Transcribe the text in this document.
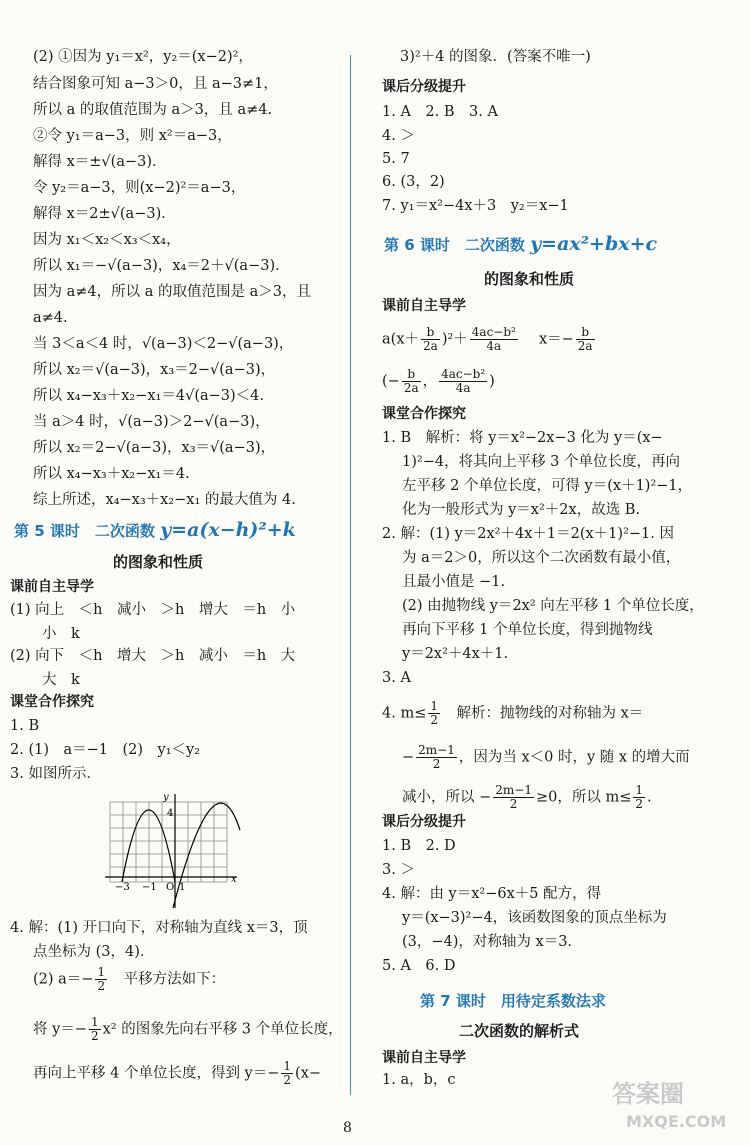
(2) ①因为 y₁＝x²，y₂＝(x−2)²，
结合图象可知 a−3＞0，且 a−3≠1，
所以 a 的取值范围为 a＞3，且 a≠4.
②令 y₁＝a−3，则 x²＝a−3，
解得 x＝±√(a−3)．
令 y₂＝a−3，则(x−2)²＝a−3，
解得 x＝2±√(a−3)．
因为 x₁＜x₂＜x₃＜x₄，
所以 x₁＝−√(a−3)，x₄＝2＋√(a−3)．
因为 a≠4，所以 a 的取值范围是 a＞3，且
a≠4.
当 3＜a＜4 时，√(a−3)＜2−√(a−3)，
所以 x₂＝√(a−3)，x₃＝2−√(a−3)，
所以 x₄−x₃＋x₂−x₁＝4√(a−3)＜4.
当 a＞4 时，√(a−3)＞2−√(a−3)，
所以 x₂＝2−√(a−3)，x₃＝√(a−3)，
所以 x₄−x₃＋x₂−x₁＝4.
综上所述，x₄−x₃＋x₂−x₁ 的最大值为 4.
第 5 课时　二次函数 y=a(x−h)²+k
的图象和性质
课前自主导学
(1) 向上　＜h　减小　＞h　增大　＝h　小
小　k
(2) 向下　＜h　增大　＞h　减小　＝h　大
大　k
课堂合作探究
1. B
2. (1)　a＝−1　(2)　y₁＜y₂
3. 如图所示．
x
y
−3 −1 O 1
4
4. 解：(1) 开口向下，对称轴为直线 x＝3，顶
点坐标为 (3，4)．
(2) $a=- \frac{1}{2}$ 　平移方法如下：
将 $y=- \frac{1}{2} x^2$ 的图象先向右平移 3 个单位长度，
再向上平移 4 个单位长度，得到 $y=- \frac{1}{2} (x-$
3)²＋4 的图象．(答案不唯一)
课后分级提升
1. A　2. B　3. A
4. ＞
5. 7
6. (3，2)
7. y₁＝x²−4x＋3　y₂＝x−1
第 6 课时　二次函数 y=ax²+bx+c
的图象和性质
课前自主导学
$a(x+ \frac{b}{2a} )^2+ \frac{\text{4ac−b²}}{4a}$
　 $x=- \frac{b}{2a}$
(− $\frac{b}{2a}$ ， $\frac{\text{4ac−b²}}{4a}$ )
课堂合作探究
1. B　解析：将 y＝x²−2x−3 化为 y＝(x−
1)²−4，将其向上平移 3 个单位长度，再向
左平移 2 个单位长度，可得 y＝(x＋1)²−1，
化为一般形式为 y＝x²＋2x，故选 B.
2. 解：(1) y＝2x²＋4x＋1＝2(x＋1)²−1. 因
为 a＝2＞0，所以这个二次函数有最小值，
且最小值是 −1.
(2) 由抛物线 y＝2x² 向左平移 1 个单位长度，
再向下平移 1 个单位长度，得到抛物线
y＝2x²＋4x＋1.
3. A
4. $m\le \frac{1}{2}$ 　解析：抛物线的对称轴为 x＝
− $\frac{2m-1}{2}$ ，因为当 x＜0 时，y 随 x 的增大而
减小，所以 − $\frac{2m-1}{2} \ge 0$，所以 $m\le \frac{1}{2}$ .
课后分级提升
1. B　2. D
3. ＞
4. 解：由 y＝x²−6x＋5 配方，得
y＝(x−3)²−4，该函数图象的顶点坐标为
(3，−4)，对称轴为 x＝3.
5. A　6. D
第 7 课时　用待定系数法求
二次函数的解析式
课前自主导学
1. a，b，c
8
答案圈
MXQE.COM
